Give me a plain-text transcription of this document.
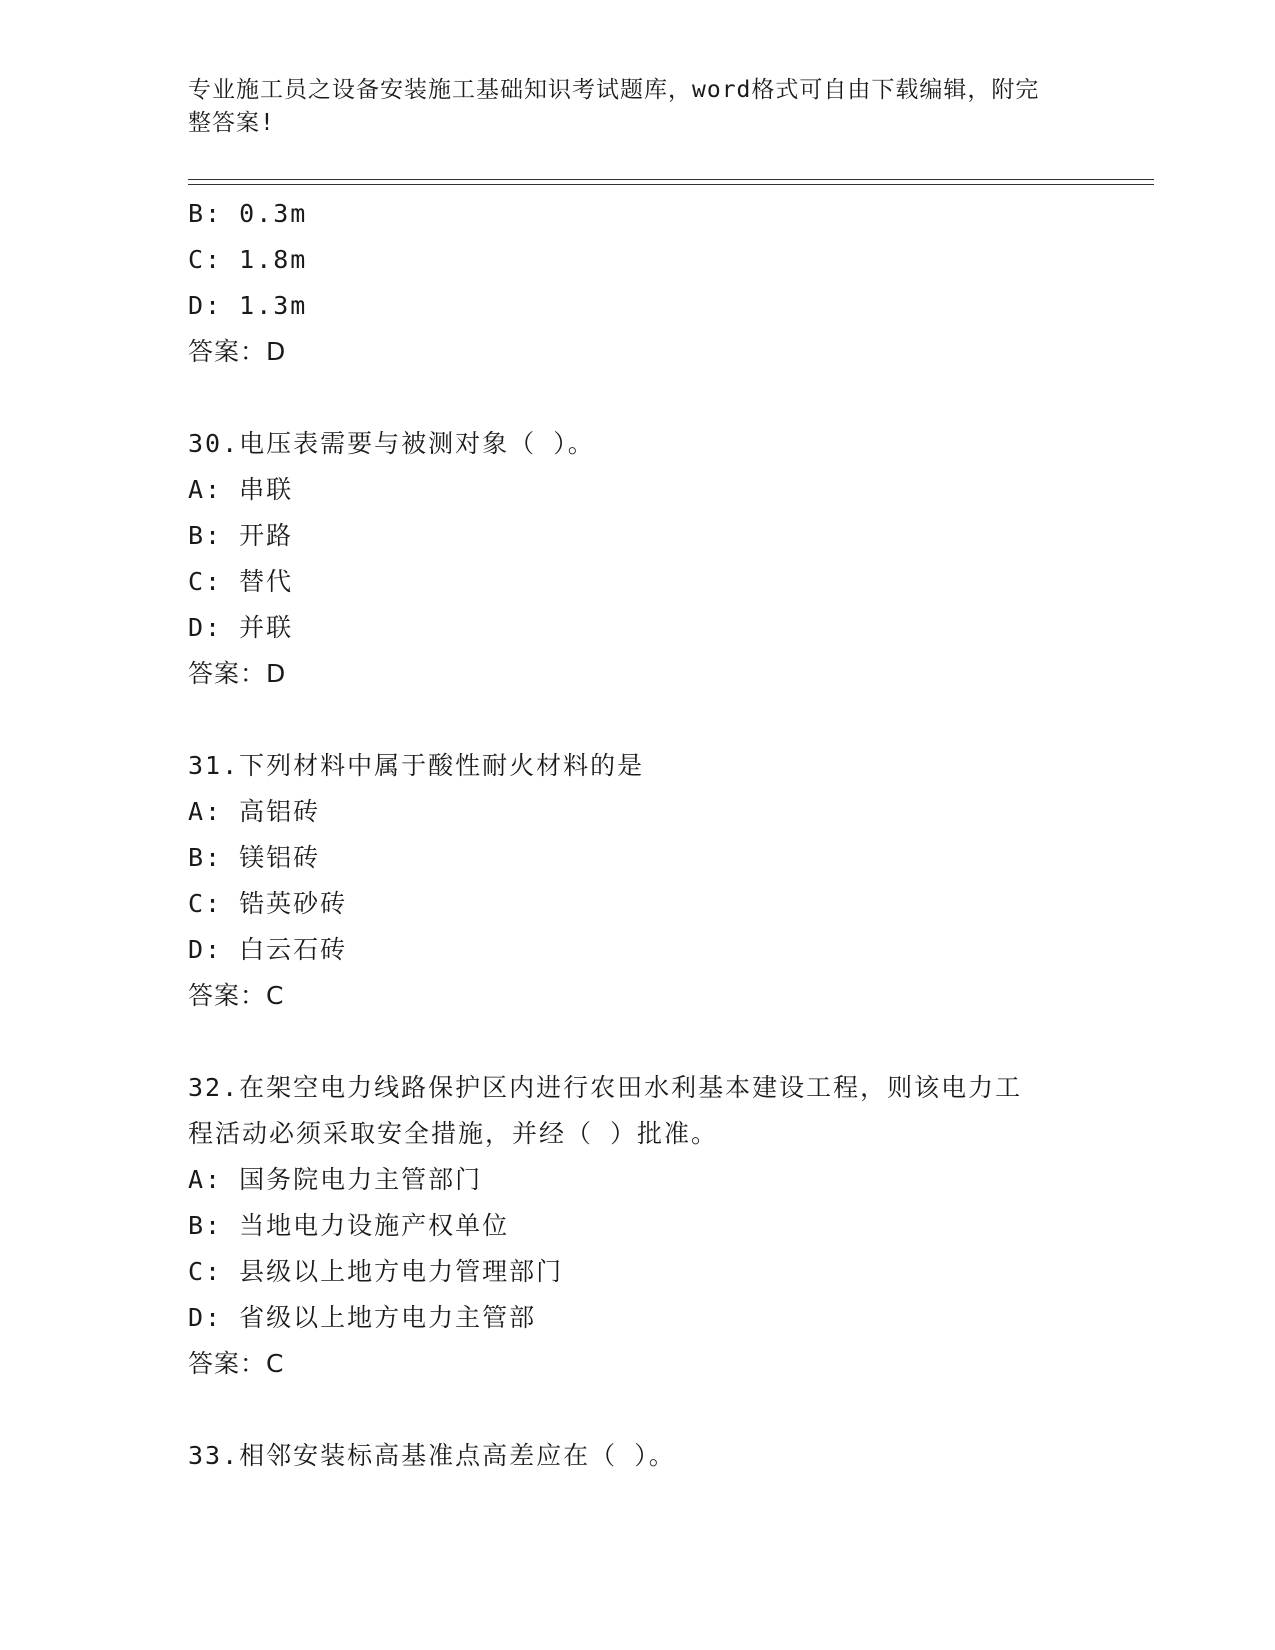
专业施工员之设备安装施工基础知识考试题库，word格式可自由下载编辑，附完
整答案!
B: 0.3m
C: 1.8m
D: 1.3m
答案：D
30.电压表需要与被测对象（ ）。
A: 串联
B: 开路
C: 替代
D: 并联
答案：D
31.下列材料中属于酸性耐火材料的是
A: 高铝砖
B: 镁铝砖
C: 锆英砂砖
D: 白云石砖
答案：C
32.在架空电力线路保护区内进行农田水利基本建设工程，则该电力工
程活动必须采取安全措施，并经（ ）批准。
A: 国务院电力主管部门
B: 当地电力设施产权单位
C: 县级以上地方电力管理部门
D: 省级以上地方电力主管部
答案：C
33.相邻安装标高基准点高差应在（ ）。
